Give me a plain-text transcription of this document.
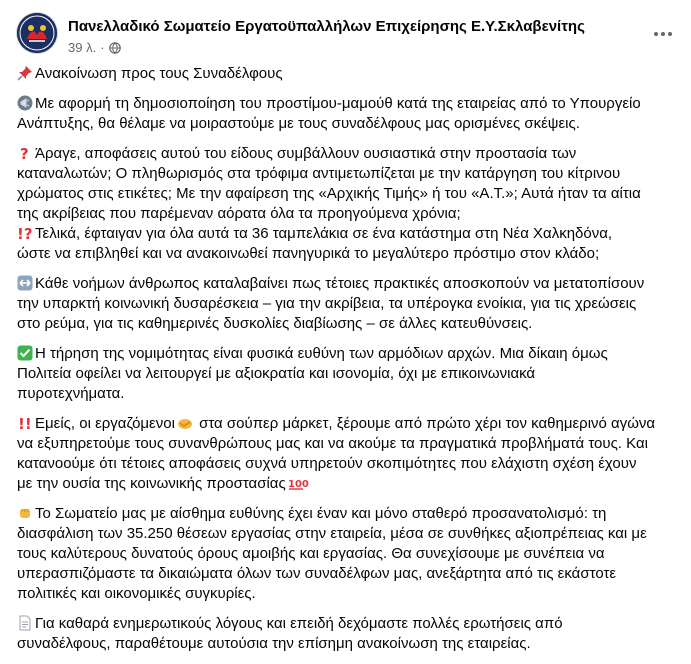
Πανελλαδικό Σωματείο Εργατοϋπαλλήλων Επιχείρησης Ε.Υ.Σκλαβενίτης
39 λ. ·
Ανακοίνωση προς τους Συναδέλφους
Με αφορμή τη δημοσιοποίηση του προστίμου-μαμούθ κατά της εταιρείας από το Υπουργείο
Ανάπτυξης, θα θέλαμε να μοιραστούμε με τους συναδέλφους μας ορισμένες σκέψεις.
? Άραγε, αποφάσεις αυτού του είδους συμβάλλουν ουσιαστικά στην προστασία των
καταναλωτών; Ο πληθωρισμός στα τρόφιμα αντιμετωπίζεται με την κατάργηση του κίτρινου
χρώματος στις ετικέτες; Με την αφαίρεση της «Αρχικής Τιμής» ή του «Α.Τ.»; Αυτά ήταν τα αίτια
της ακρίβειας που παρέμεναν αόρατα όλα τα προηγούμενα χρόνια;
!? Τελικά, έφταιγαν για όλα αυτά τα 36 ταμπελάκια σε ένα κατάστημα στη Νέα Χαλκηδόνα,
ώστε να επιβληθεί και να ανακοινωθεί πανηγυρικά το μεγαλύτερο πρόστιμο στον κλάδο;
Κάθε νοήμων άνθρωπος καταλαβαίνει πως τέτοιες πρακτικές αποσκοπούν να μετατοπίσουν
την υπαρκτή κοινωνική δυσαρέσκεια – για την ακρίβεια, τα υπέρογκα ενοίκια, για τις χρεώσεις
στο ρεύμα, για τις καθημερινές δυσκολίες διαβίωσης – σε άλλες κατευθύνσεις.
Η τήρηση της νομιμότητας είναι φυσικά ευθύνη των αρμόδιων αρχών. Μια δίκαιη όμως
Πολιτεία οφείλει να λειτουργεί με αξιοκρατία και ισονομία, όχι με επικοινωνιακά
πυροτεχνήματα.
!! Εμείς, οι εργαζόμενοι στα σούπερ μάρκετ, ξέρουμε από πρώτο χέρι τον καθημερινό αγώνα
να εξυπηρετούμε τους συνανθρώπους μας και να ακούμε τα πραγματικά προβλήματά τους. Και
κατανοούμε ότι τέτοιες αποφάσεις συχνά υπηρετούν σκοπιμότητες που ελάχιστη σχέση έχουν
με την ουσία της κοινωνικής προστασίας 100
Το Σωματείο μας με αίσθημα ευθύνης έχει έναν και μόνο σταθερό προσανατολισμό: τη
διασφάλιση των 35.250 θέσεων εργασίας στην εταιρεία, μέσα σε συνθήκες αξιοπρέπειας και με
τους καλύτερους δυνατούς όρους αμοιβής και εργασίας. Θα συνεχίσουμε με συνέπεια να
υπερασπιζόμαστε τα δικαιώματα όλων των συναδέλφων μας, ανεξάρτητα από τις εκάστοτε
πολιτικές και οικονομικές συγκυρίες.
Για καθαρά ενημερωτικούς λόγους και επειδή δεχόμαστε πολλές ερωτήσεις από
συναδέλφους, παραθέτουμε αυτούσια την επίσημη ανακοίνωση της εταιρείας.
